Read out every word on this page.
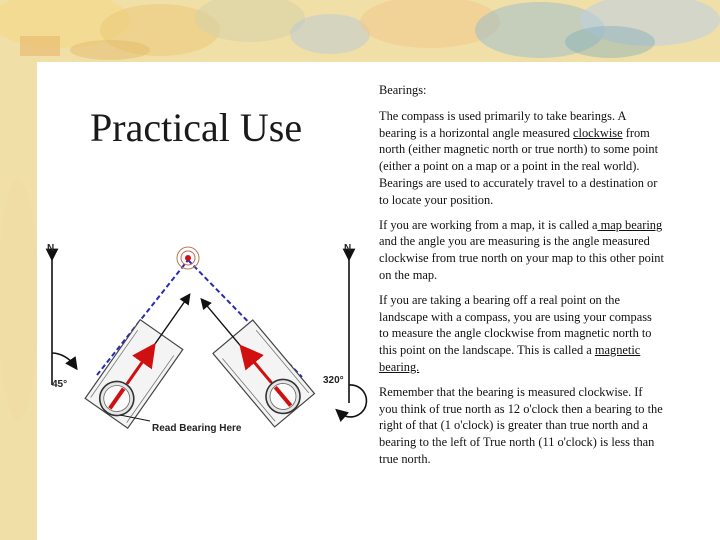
Practical Use

Bearings:

The compass is used primarily to take bearings. A bearing is a horizontal angle measured clockwise from north (either magnetic north or true north) to some point (either a point on a map or a point in the real world). Bearings are used to accurately travel to a destination or to locate your position.

If you are working from a map, it is called a map bearing and the angle you are measuring is the angle measured clockwise from true north on your map to this other point on the map.

If you are taking a bearing off a real point on the landscape with a compass, you are using your compass to measure the angle clockwise from magnetic north to this point on the landscape. This is called a magnetic bearing.

Remember that the bearing is measured clockwise. If you think of true north as 12 o'clock then a bearing to the right of that (1 o'clock) is greater than true north and a bearing to the left of True north (11 o'clock) is less than true north.

N	N
45°	320°
Read Bearing Here
